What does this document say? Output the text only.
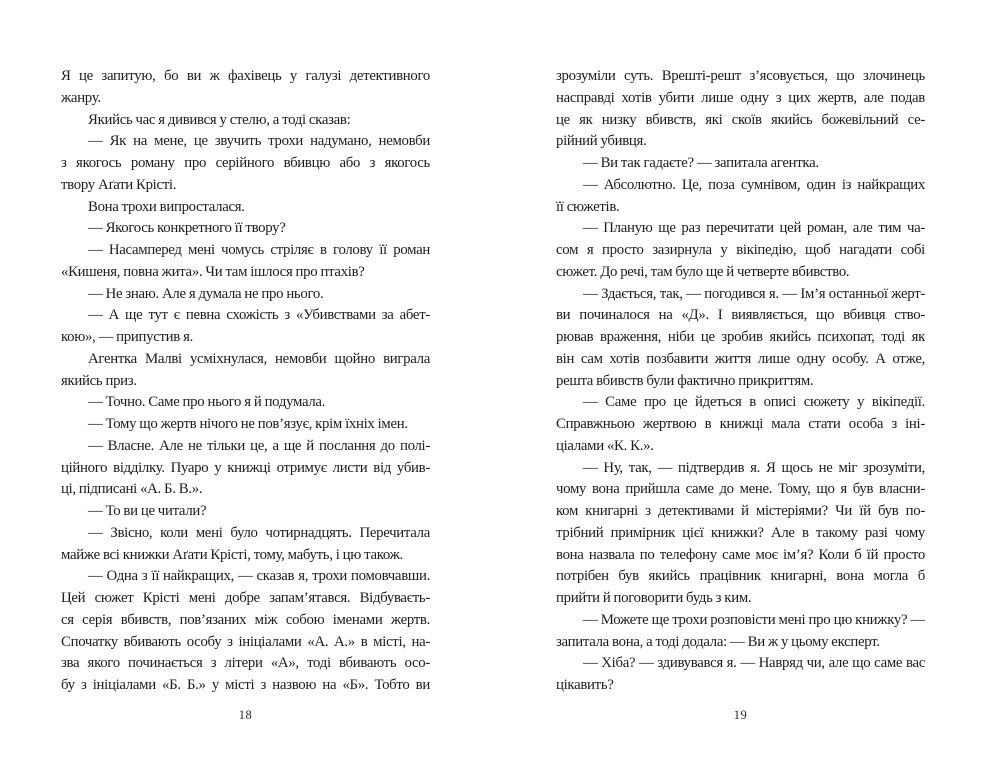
Я це запитую, бо ви ж фахівець у галузі детективного
жанру.
Якийсь час я дивився у стелю, а тоді сказав:
— Як на мене, це звучить трохи надумано, немовби
з якогось роману про серійного вбивцю або з якогось
твору Аґати Крісті.
Вона трохи випросталася.
— Якогось конкретного її твору?
— Насамперед мені чомусь стріляє в голову її роман
«Кишеня, повна жита». Чи там ішлося про птахів?
— Не знаю. Але я думала не про нього.
— А ще тут є певна схожість з «Убивствами за абет-
кою», — припустив я.
Агентка Малві усміхнулася, немовби щойно виграла
якийсь приз.
— Точно. Саме про нього я й подумала.
— Тому що жертв нічого не пов’язує, крім їхніх імен.
— Власне. Але не тільки це, а ще й послання до полі-
ційного відділку. Пуаро у книжці отримує листи від убив-
ці, підписані «А. Б. В.».
— То ви це читали?
— Звісно, коли мені було чотирнадцять. Перечитала
майже всі книжки Аґати Крісті, тому, мабуть, і цю також.
— Одна з її найкращих, — сказав я, трохи помовчавши.
Цей сюжет Крісті мені добре запам’ятався. Відбуваєть-
ся серія вбивств, пов’язаних між собою іменами жертв.
Спочатку вбивають особу з ініціалами «А. А.» в місті, на-
зва якого починається з літери «А», тоді вбивають осо-
бу з ініціалами «Б. Б.» у місті з назвою на «Б». Тобто ви
зрозуміли суть. Врешті-решт з’ясовується, що злочинець
насправді хотів убити лише одну з цих жертв, але подав
це як низку вбивств, які скоїв якийсь божевільний се-
рійний убивця.
— Ви так гадаєте? — запитала агентка.
— Абсолютно. Це, поза сумнівом, один із найкращих
її сюжетів.
— Планую ще раз перечитати цей роман, але тим ча-
сом я просто зазирнула у вікіпедію, щоб нагадати собі
сюжет. До речі, там було ще й четверте вбивство.
— Здається, так, — погодився я. — Ім’я останньої жерт-
ви починалося на «Д». І виявляється, що вбивця ство-
рював враження, ніби це зробив якийсь психопат, тоді як
він сам хотів позбавити життя лише одну особу. А отже,
решта вбивств були фактично прикриттям.
— Саме про це йдеться в описі сюжету у вікіпедії.
Справжньою жертвою в книжці мала стати особа з іні-
ціалами «К. К.».
— Ну, так, — підтвердив я. Я щось не міг зрозуміти,
чому вона прийшла саме до мене. Тому, що я був власни-
ком книгарні з детективами й містеріями? Чи їй був по-
трібний примірник цієї книжки? Але в такому разі чому
вона назвала по телефону саме моє ім’я? Коли б їй просто
потрібен був якийсь працівник книгарні, вона могла б
прийти й поговорити будь з ким.
— Можете ще трохи розповісти мені про цю книжку? —
запитала вона, а тоді додала: — Ви ж у цьому експерт.
— Хіба? — здивувався я. — Навряд чи, але що саме вас
цікавить?
18	19
